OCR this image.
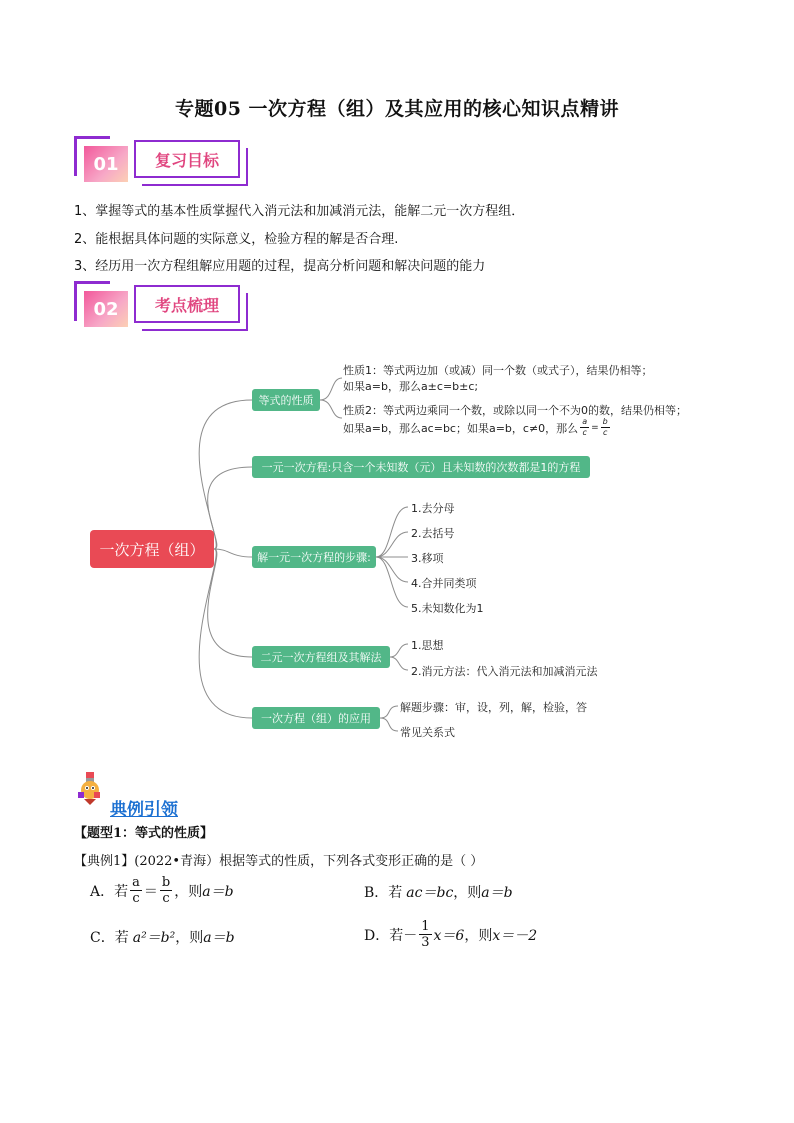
专题05 一次方程（组）及其应用的核心知识点精讲
01	复习目标
1、掌握等式的基本性质掌握代入消元法和加减消元法，能解二元一次方程组．
2、能根据具体问题的实际意义，检验方程的解是否合理.
3、经历用一次方程组解应用题的过程，提高分析问题和解决问题的能力
02	考点梳理
一次方程（组）
等式的性质
性质1：等式两边加（或减）同一个数（或式子），结果仍相等；
如果a=b，那么a±c=b±c;
性质2：等式两边乘同一个数，或除以同一个不为0的数，结果仍相等；
如果a=b，那么ac=bc；如果a=b，c≠0，那么 $\frac{a}{c} = \frac{b}{c}$
一元一次方程:只含一个未知数（元）且未知数的次数都是1的方程
解一元一次方程的步骤:
1.去分母
2.去括号
3.移项
4.合并同类项
5.未知数化为1
二元一次方程组及其解法
1.思想
2.消元方法：代入消元法和加减消元法
一次方程（组）的应用
解题步骤：审，设，列，解，检验，答
常见关系式
典例引领
【题型1：等式的性质】
【典例1】(2022•青海）根据等式的性质，下列各式变形正确的是（ ）
A．若 $\frac{a}{c} = \frac{b}{c}$ ，则 a＝b	B．若 ac＝bc ，则 a＝b
C．若 a²＝b² ，则 a＝b	D．若－ $\frac{1}{3} x=6$ ，则 x＝－2
